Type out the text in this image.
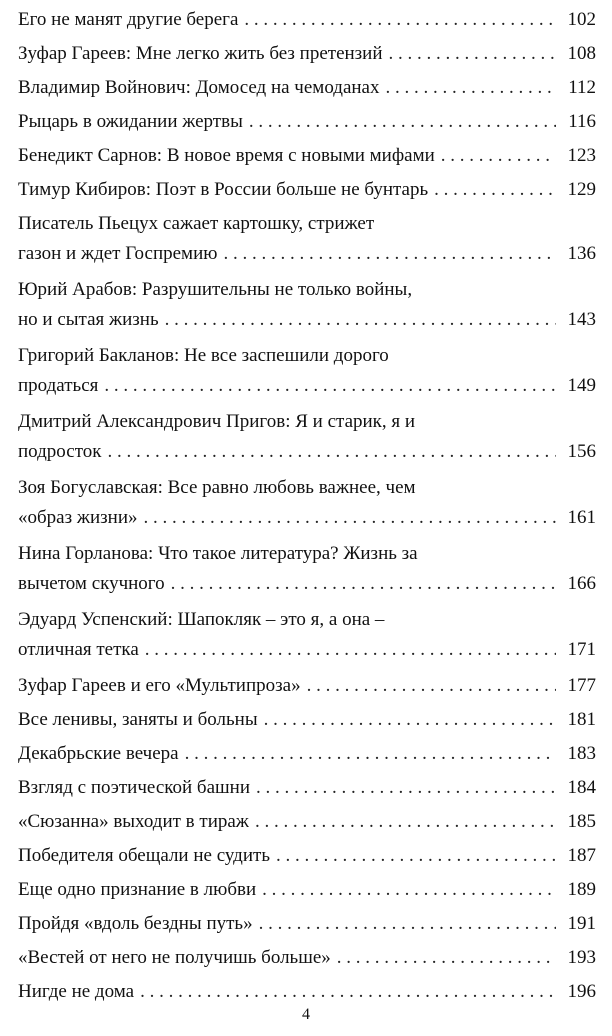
Его не манят другие берега . . .	102
Зуфар Гареев: Мне легко жить без претензий . . .	108
Владимир Войнович: Домосед на чемоданах . . .	112
Рыцарь в ожидании жертвы . . .	116
Бенедикт Сарнов: В новое время с новыми мифами . . .	123
Тимур Кибиров: Поэт в России больше не бунтарь . . .	129
Писатель Пьецух сажает картошку, стрижет
газон и ждет Госпремию . . .	136
Юрий Арабов: Разрушительны не только войны,
но и сытая жизнь . . .	143
Григорий Бакланов: Не все заспешили дорого
продаться . . .	149
Дмитрий Александрович Пригов: Я и старик, я и
подросток . . .	156
Зоя Богуславская: Все равно любовь важнее, чем
«образ жизни» . . .	161
Нина Горланова: Что такое литература? Жизнь за
вычетом скучного . . .	166
Эдуард Успенский: Шапокляк – это я, а она –
отличная тетка . . .	171
Зуфар Гареев и его «Мультипроза» . . .	177
Все ленивы, заняты и больны . . .	181
Декабрьские вечера . . .	183
Взгляд с поэтической башни . . .	184
«Сюзанна» выходит в тираж . . .	185
Победителя обещали не судить . . .	187
Еще одно признание в любви . . .	189
Пройдя «вдоль бездны путь» . . .	191
«Вестей от него не получишь больше» . . .	193
Нигде не дома . . .	196
4
